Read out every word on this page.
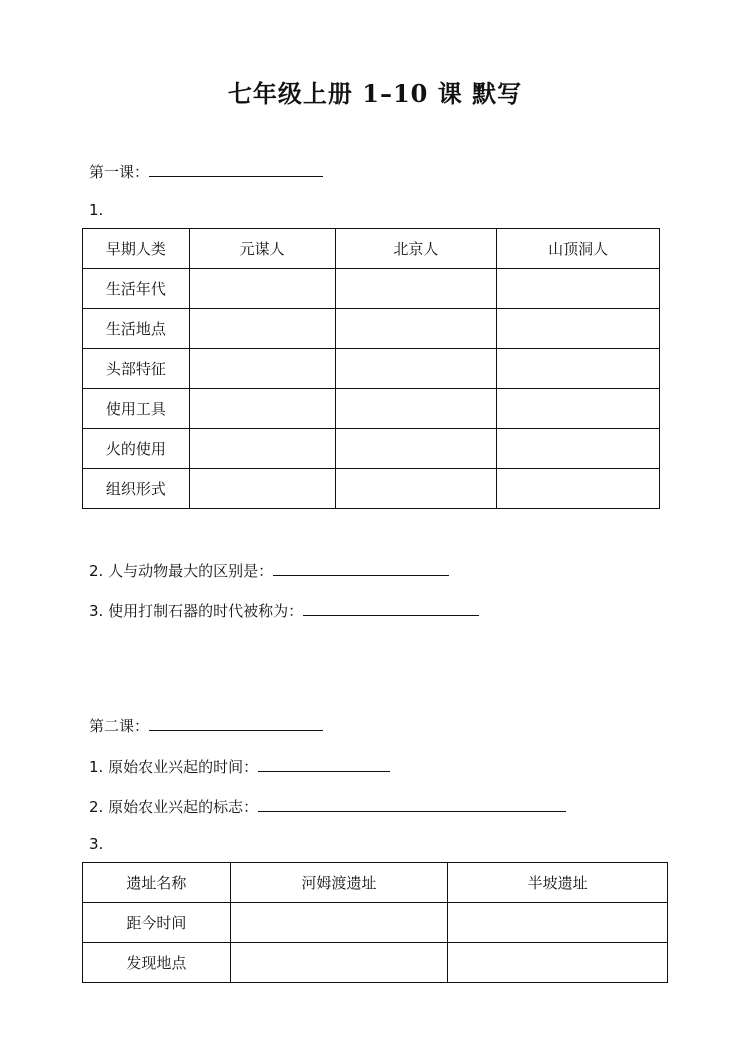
七年级上册 1–10 课 默写
第一课：
1.
早期人类	元谋人	北京人	山顶洞人
生活年代			
生活地点			
头部特征			
使用工具			
火的使用			
组织形式			
2. 人与动物最大的区别是：
3. 使用打制石器的时代被称为：
第二课：
1. 原始农业兴起的时间：
2. 原始农业兴起的标志：
3.
遗址名称	河姆渡遗址	半坡遗址
距今时间		
发现地点		
